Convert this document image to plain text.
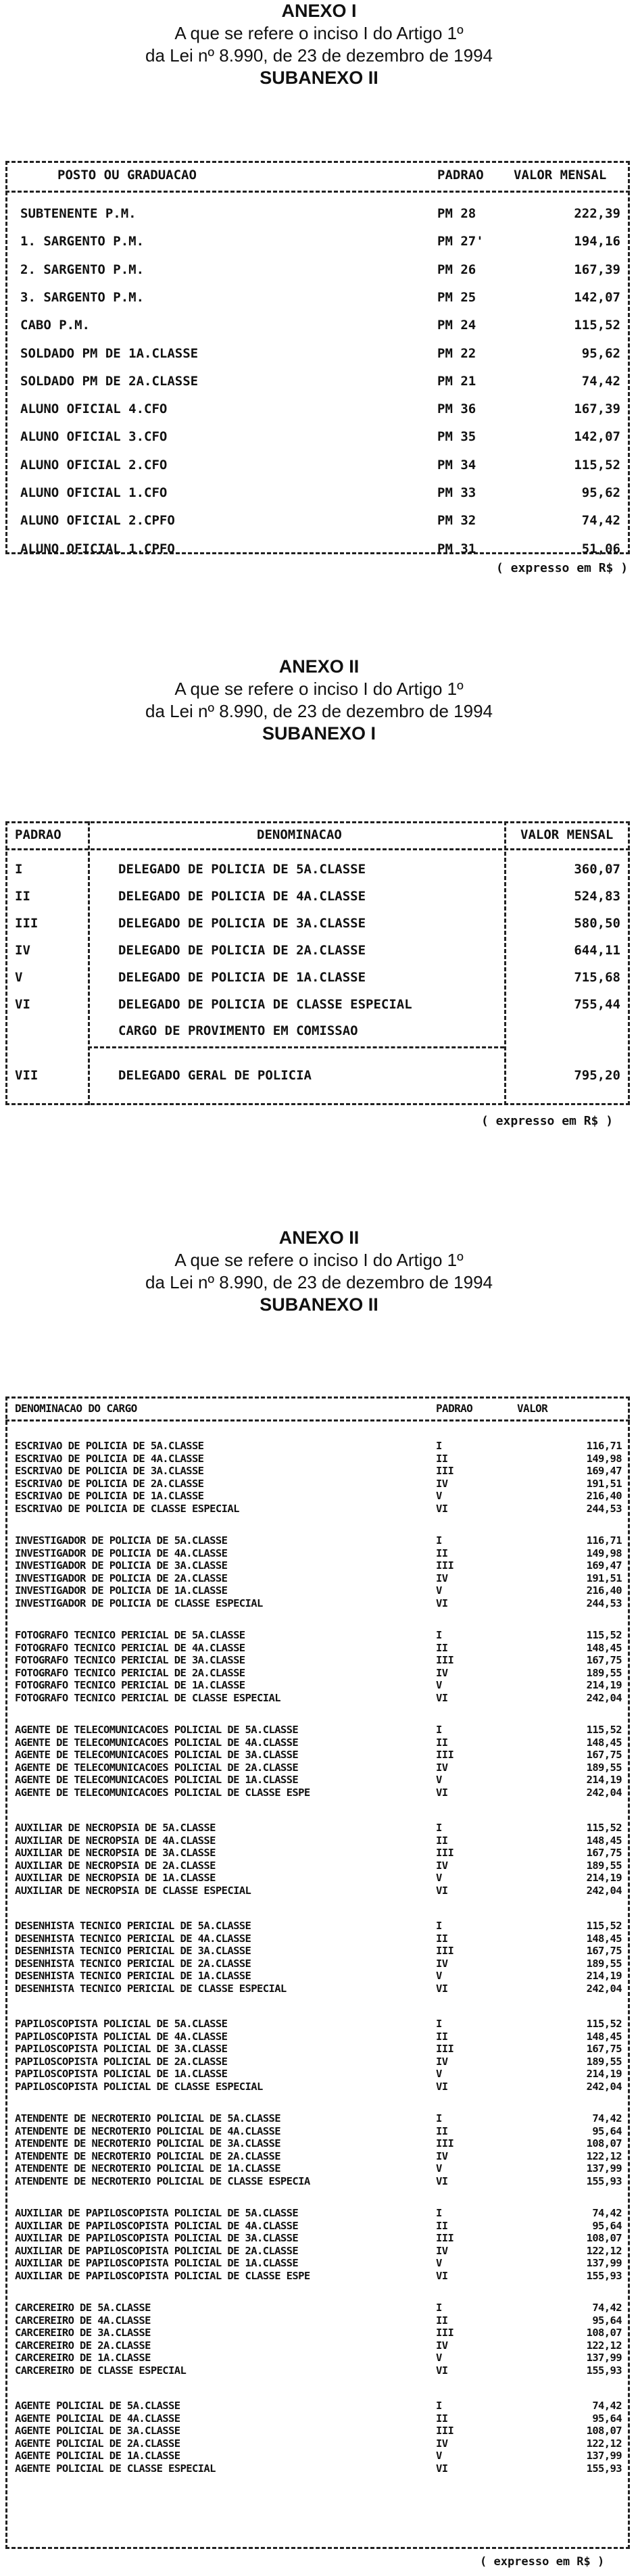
ANEXO I
A que se refere o inciso I do Artigo 1º
da Lei nº 8.990, de 23 de dezembro de 1994
SUBANEXO II
POSTO OU GRADUACAO	PADRAO VALOR MENSAL
SUBTENENTE P.M.	PM 28	222,39
1. SARGENTO P.M.	PM 27'	194,16
2. SARGENTO P.M.	PM 26	167,39
3. SARGENTO P.M.	PM 25	142,07
CABO P.M.	PM 24	115,52
SOLDADO PM DE 1A.CLASSE	PM 22	95,62
SOLDADO PM DE 2A.CLASSE	PM 21	74,42
ALUNO OFICIAL 4.CFO	PM 36	167,39
ALUNO OFICIAL 3.CFO	PM 35	142,07
ALUNO OFICIAL 2.CFO	PM 34	115,52
ALUNO OFICIAL 1.CFO	PM 33	95,62
ALUNO OFICIAL 2.CPFO	PM 32	74,42
ALUNO OFICIAL 1.CPFO	PM 31	51,06
( expresso em R$ )
ANEXO II
A que se refere o inciso I do Artigo 1º
da Lei nº 8.990, de 23 de dezembro de 1994
SUBANEXO I
PADRAO	DENOMINACAO	VALOR MENSAL
I	DELEGADO DE POLICIA DE 5A.CLASSE	360,07
II	DELEGADO DE POLICIA DE 4A.CLASSE	524,83
III	DELEGADO DE POLICIA DE 3A.CLASSE	580,50
IV	DELEGADO DE POLICIA DE 2A.CLASSE	644,11
V	DELEGADO DE POLICIA DE 1A.CLASSE	715,68
VI	DELEGADO DE POLICIA DE CLASSE ESPECIAL	755,44
CARGO DE PROVIMENTO EM COMISSAO
VII	DELEGADO GERAL DE POLICIA	795,20
( expresso em R$ )
ANEXO II
A que se refere o inciso I do Artigo 1º
da Lei nº 8.990, de 23 de dezembro de 1994
SUBANEXO II
DENOMINACAO DO CARGO	PADRAO	VALOR
ESCRIVAO DE POLICIA DE 5A.CLASSE	I	116,71
ESCRIVAO DE POLICIA DE 4A.CLASSE	II	149,98
ESCRIVAO DE POLICIA DE 3A.CLASSE	III	169,47
ESCRIVAO DE POLICIA DE 2A.CLASSE	IV	191,51
ESCRIVAO DE POLICIA DE 1A.CLASSE	V	216,40
ESCRIVAO DE POLICIA DE CLASSE ESPECIAL	VI	244,53
INVESTIGADOR DE POLICIA DE 5A.CLASSE	I	116,71
INVESTIGADOR DE POLICIA DE 4A.CLASSE	II	149,98
INVESTIGADOR DE POLICIA DE 3A.CLASSE	III	169,47
INVESTIGADOR DE POLICIA DE 2A.CLASSE	IV	191,51
INVESTIGADOR DE POLICIA DE 1A.CLASSE	V	216,40
INVESTIGADOR DE POLICIA DE CLASSE ESPECIAL	VI	244,53
FOTOGRAFO TECNICO PERICIAL DE 5A.CLASSE	I	115,52
FOTOGRAFO TECNICO PERICIAL DE 4A.CLASSE	II	148,45
FOTOGRAFO TECNICO PERICIAL DE 3A.CLASSE	III	167,75
FOTOGRAFO TECNICO PERICIAL DE 2A.CLASSE	IV	189,55
FOTOGRAFO TECNICO PERICIAL DE 1A.CLASSE	V	214,19
FOTOGRAFO TECNICO PERICIAL DE CLASSE ESPECIAL	VI	242,04
AGENTE DE TELECOMUNICACOES POLICIAL DE 5A.CLASSE	I	115,52
AGENTE DE TELECOMUNICACOES POLICIAL DE 4A.CLASSE	II	148,45
AGENTE DE TELECOMUNICACOES POLICIAL DE 3A.CLASSE	III	167,75
AGENTE DE TELECOMUNICACOES POLICIAL DE 2A.CLASSE	IV	189,55
AGENTE DE TELECOMUNICACOES POLICIAL DE 1A.CLASSE	V	214,19
AGENTE DE TELECOMUNICACOES POLICIAL DE CLASSE ESPE	VI	242,04
AUXILIAR DE NECROPSIA DE 5A.CLASSE	I	115,52
AUXILIAR DE NECROPSIA DE 4A.CLASSE	II	148,45
AUXILIAR DE NECROPSIA DE 3A.CLASSE	III	167,75
AUXILIAR DE NECROPSIA DE 2A.CLASSE	IV	189,55
AUXILIAR DE NECROPSIA DE 1A.CLASSE	V	214,19
AUXILIAR DE NECROPSIA DE CLASSE ESPECIAL	VI	242,04
DESENHISTA TECNICO PERICIAL DE 5A.CLASSE	I	115,52
DESENHISTA TECNICO PERICIAL DE 4A.CLASSE	II	148,45
DESENHISTA TECNICO PERICIAL DE 3A.CLASSE	III	167,75
DESENHISTA TECNICO PERICIAL DE 2A.CLASSE	IV	189,55
DESENHISTA TECNICO PERICIAL DE 1A.CLASSE	V	214,19
DESENHISTA TECNICO PERICIAL DE CLASSE ESPECIAL	VI	242,04
PAPILOSCOPISTA POLICIAL DE 5A.CLASSE	I	115,52
PAPILOSCOPISTA POLICIAL DE 4A.CLASSE	II	148,45
PAPILOSCOPISTA POLICIAL DE 3A.CLASSE	III	167,75
PAPILOSCOPISTA POLICIAL DE 2A.CLASSE	IV	189,55
PAPILOSCOPISTA POLICIAL DE 1A.CLASSE	V	214,19
PAPILOSCOPISTA POLICIAL DE CLASSE ESPECIAL	VI	242,04
ATENDENTE DE NECROTERIO POLICIAL DE 5A.CLASSE	I	74,42
ATENDENTE DE NECROTERIO POLICIAL DE 4A.CLASSE	II	95,64
ATENDENTE DE NECROTERIO POLICIAL DE 3A.CLASSE	III	108,07
ATENDENTE DE NECROTERIO POLICIAL DE 2A.CLASSE	IV	122,12
ATENDENTE DE NECROTERIO POLICIAL DE 1A.CLASSE	V	137,99
ATENDENTE DE NECROTERIO POLICIAL DE CLASSE ESPECIA	VI	155,93
AUXILIAR DE PAPILOSCOPISTA POLICIAL DE 5A.CLASSE	I	74,42
AUXILIAR DE PAPILOSCOPISTA POLICIAL DE 4A.CLASSE	II	95,64
AUXILIAR DE PAPILOSCOPISTA POLICIAL DE 3A.CLASSE	III	108,07
AUXILIAR DE PAPILOSCOPISTA POLICIAL DE 2A.CLASSE	IV	122,12
AUXILIAR DE PAPILOSCOPISTA POLICIAL DE 1A.CLASSE	V	137,99
AUXILIAR DE PAPILOSCOPISTA POLICIAL DE CLASSE ESPE	VI	155,93
CARCEREIRO DE 5A.CLASSE	I	74,42
CARCEREIRO DE 4A.CLASSE	II	95,64
CARCEREIRO DE 3A.CLASSE	III	108,07
CARCEREIRO DE 2A.CLASSE	IV	122,12
CARCEREIRO DE 1A.CLASSE	V	137,99
CARCEREIRO DE CLASSE ESPECIAL	VI	155,93
AGENTE POLICIAL DE 5A.CLASSE	I	74,42
AGENTE POLICIAL DE 4A.CLASSE	II	95,64
AGENTE POLICIAL DE 3A.CLASSE	III	108,07
AGENTE POLICIAL DE 2A.CLASSE	IV	122,12
AGENTE POLICIAL DE 1A.CLASSE	V	137,99
AGENTE POLICIAL DE CLASSE ESPECIAL	VI	155,93
( expresso em R$ )
